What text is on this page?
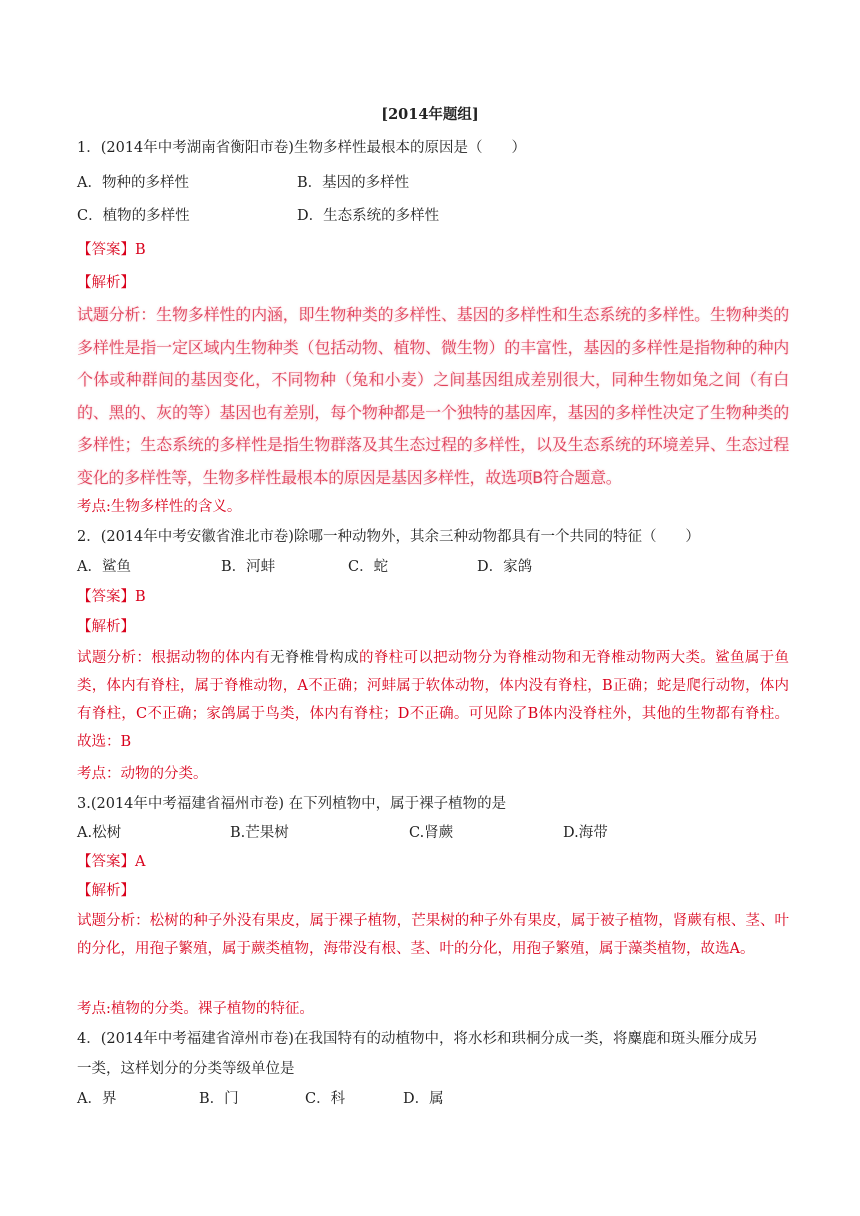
[2014年题组]
1．(2014年中考湖南省衡阳市卷)生物多样性最根本的原因是（　　）
A．物种的多样性	B．基因的多样性
C．植物的多样性	D．生态系统的多样性
【答案】B
【解析】
试题分析：生物多样性的内涵，即生物种类的多样性、基因的多样性和生态系统的多样性。生物种类的多样性是指一定区域内生物种类（包括动物、植物、微生物）的丰富性，基因的多样性是指物种的种内个体或种群间的基因变化，不同物种（兔和小麦）之间基因组成差别很大，同种生物如兔之间（有白的、黑的、灰的等）基因也有差别，每个物种都是一个独特的基因库，基因的多样性决定了生物种类的多样性；生态系统的多样性是指生物群落及其生态过程的多样性，以及生态系统的环境差异、生态过程变化的多样性等，生物多样性最根本的原因是基因多样性，故选项B符合题意。
考点:生物多样性的含义。
2．(2014年中考安徽省淮北市卷)除哪一种动物外，其余三种动物都具有一个共同的特征（　　）
A．鲨鱼	B．河蚌	C．蛇	D．家鸽
【答案】B
【解析】
试题分析：根据动物的体内有无脊椎骨构成的脊柱可以把动物分为脊椎动物和无脊椎动物两大类。鲨鱼属于鱼类，体内有脊柱，属于脊椎动物，A不正确；河蚌属于软体动物，体内没有脊柱，B正确；蛇是爬行动物，体内有脊柱，C不正确；家鸽属于鸟类，体内有脊柱；D不正确。可见除了B体内没脊柱外，其他的生物都有脊柱。故选：B
考点：动物的分类。
3.(2014年中考福建省福州市卷) 在下列植物中，属于裸子植物的是
A.松树	B.芒果树	C.肾蕨	D.海带
【答案】A
【解析】
试题分析：松树的种子外没有果皮，属于裸子植物，芒果树的种子外有果皮，属于被子植物，肾蕨有根、茎、叶的分化，用孢子繁殖，属于蕨类植物，海带没有根、茎、叶的分化，用孢子繁殖，属于藻类植物，故选A。
考点:植物的分类。裸子植物的特征。
4．(2014年中考福建省漳州市卷)在我国特有的动植物中，将水杉和珙桐分成一类，将麋鹿和斑头雁分成另
一类，这样划分的分类等级单位是
A．界	B．门	C．科	D．属
